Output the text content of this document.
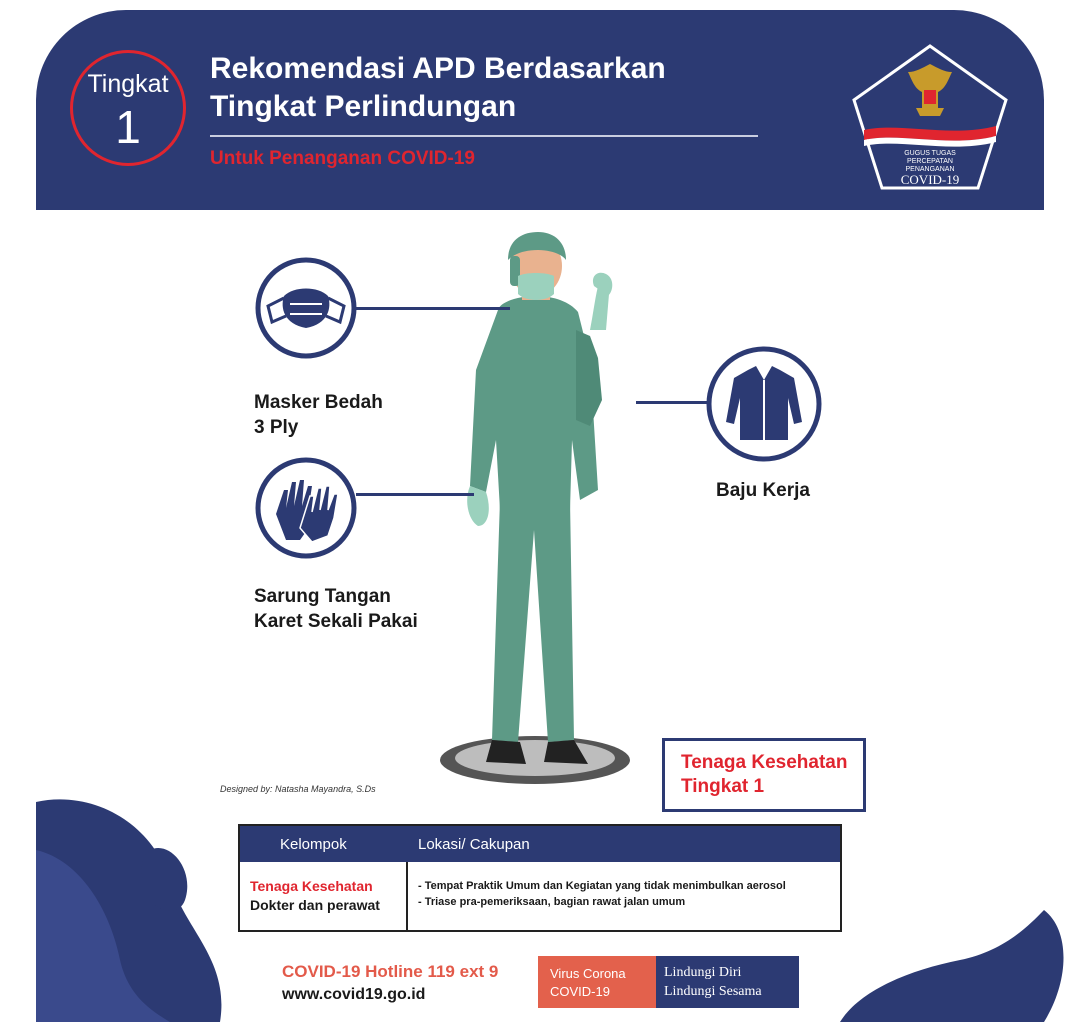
Tingkat
1
Rekomendasi APD Berdasarkan
Tingkat Perlindungan
Untuk Penanganan COVID-19	GUGUS TUGAS
PERCEPATAN
PENANGANAN
COVID-19
Masker Bedah
3 Ply
Sarung Tangan
Karet Sekali Pakai
Baju Kerja
Tenaga Kesehatan
Tingkat 1
Designed by: Natasha Mayandra, S.Ds
Kelompok	Lokasi/ Cakupan
Tenaga Kesehatan
Dokter dan perawat
- Tempat Praktik Umum dan Kegiatan yang tidak menimbulkan aerosol
- Triase pra-pemeriksaan, bagian rawat jalan umum
COVID-19 Hotline 119 ext 9
www.covid19.go.id
Virus Corona
COVID-19
Lindungi Diri
Lindungi Sesama
